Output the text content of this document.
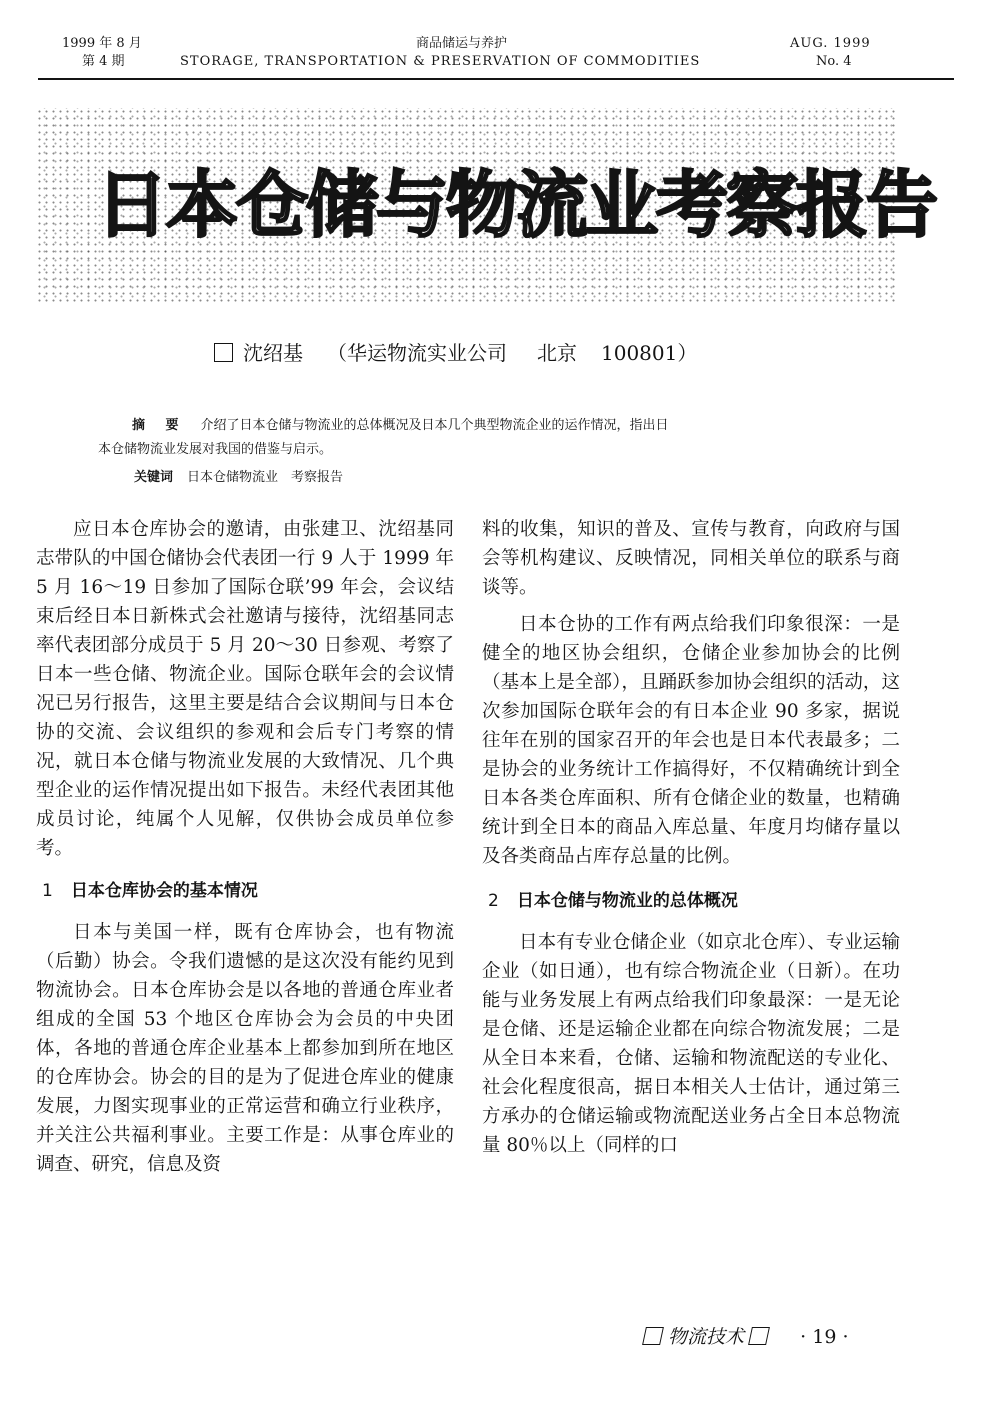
1999 年 8 月
第 4 期
商品储运与养护
STORAGE, TRANSPORTATION & PRESERVATION OF COMMODITIES
AUG. 1999
No. 4
日本仓储与物流业考察报告
沈绍基 （华运物流实业公司 北京 100801）
摘 要 介绍了日本仓储与物流业的总体概况及日本几个典型物流企业的运作情况，指出日
本仓储物流业发展对我国的借鉴与启示。
关键词 日本仓储物流业　考察报告

应日本仓库协会的邀请，由张建卫、沈绍基同志带队的中国仓储协会代表团一行 9 人于 1999 年 5 月 16～19 日参加了国际仓联’99 年会，会议结束后经日本日新株式会社邀请与接待，沈绍基同志率代表团部分成员于 5 月 20～30 日参观、考察了日本一些仓储、物流企业。国际仓联年会的会议情况已另行报告，这里主要是结合会议期间与日本仓协的交流、会议组织的参观和会后专门考察的情况，就日本仓储与物流业发展的大致情况、几个典型企业的运作情况提出如下报告。未经代表团其他成员讨论，纯属个人见解，仅供协会成员单位参考。

1 日本仓库协会的基本情况

日本与美国一样，既有仓库协会，也有物流（后勤）协会。令我们遗憾的是这次没有能约见到物流协会。日本仓库协会是以各地的普通仓库业者组成的全国 53 个地区仓库协会为会员的中央团体，各地的普通仓库企业基本上都参加到所在地区的仓库协会。协会的目的是为了促进仓库业的健康发展，力图实现事业的正常运营和确立行业秩序，并关注公共福利事业。主要工作是：从事仓库业的调查、研究，信息及资

料的收集，知识的普及、宣传与教育，向政府与国会等机构建议、反映情况，同相关单位的联系与商谈等。

日本仓协的工作有两点给我们印象很深：一是健全的地区协会组织，仓储企业参加协会的比例（基本上是全部），且踊跃参加协会组织的活动，这次参加国际仓联年会的有日本企业 90 多家，据说往年在别的国家召开的年会也是日本代表最多；二是协会的业务统计工作搞得好，不仅精确统计到全日本各类仓库面积、所有仓储企业的数量，也精确统计到全日本的商品入库总量、年度月均储存量以及各类商品占库存总量的比例。

2 日本仓储与物流业的总体概况

日本有专业仓储企业（如京北仓库）、专业运输企业（如日通），也有综合物流企业（日新）。在功能与业务发展上有两点给我们印象最深：一是无论是仓储、还是运输企业都在向综合物流发展；二是从全日本来看，仓储、运输和物流配送的专业化、社会化程度很高，据日本相关人士估计，通过第三方承办的仓储运输或物流配送业务占全日本总物流量 80％以上（同样的口

物流技术	· 19 ·
